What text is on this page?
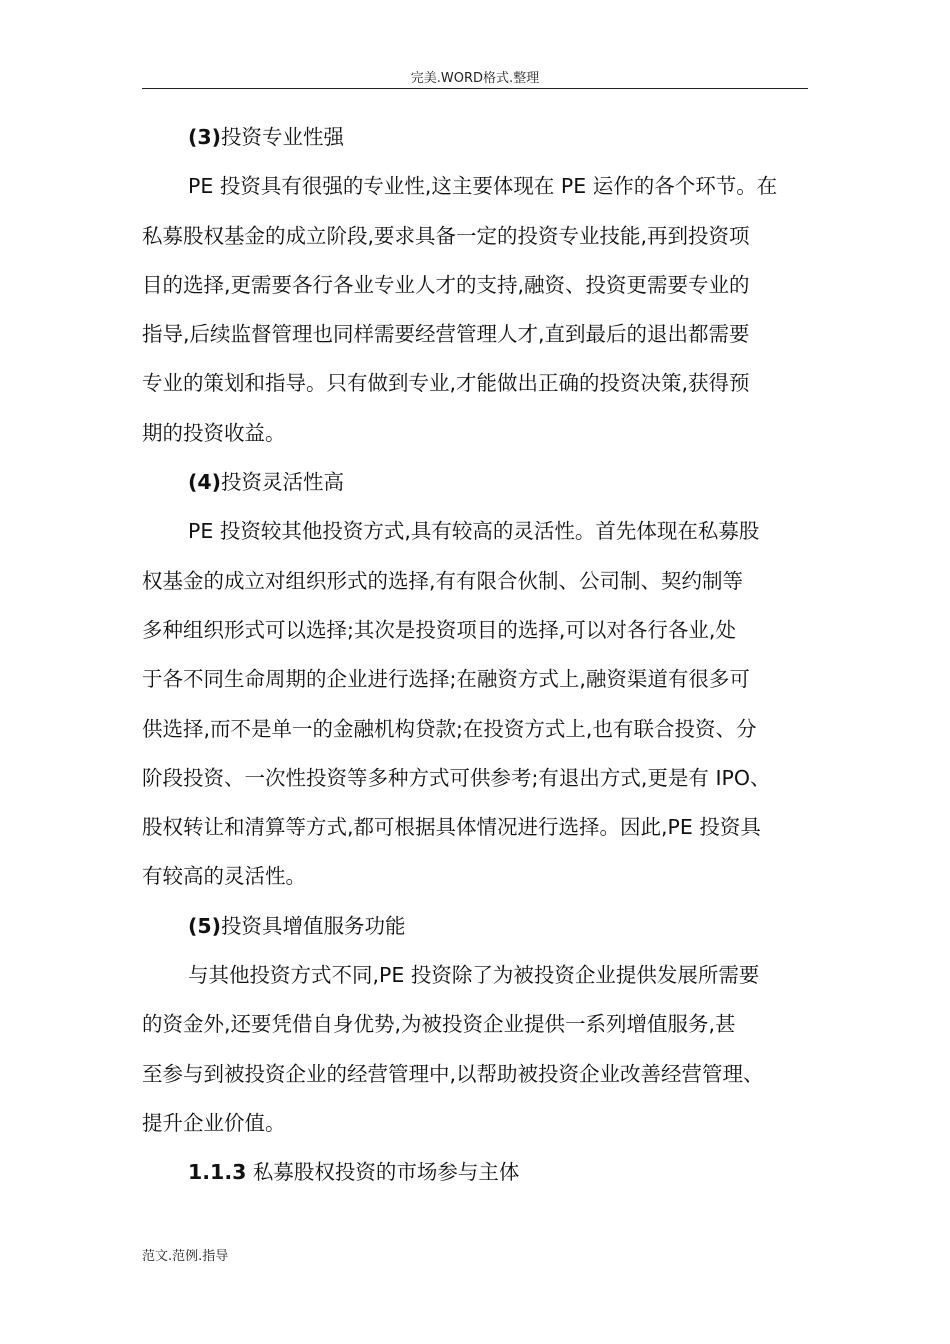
完美.WORD格式.整理
(3)投资专业性强
PE 投资具有很强的专业性,这主要体现在 PE 运作的各个环节。在
私募股权基金的成立阶段,要求具备一定的投资专业技能,再到投资项
目的选择,更需要各行各业专业人才的支持,融资、投资更需要专业的
指导,后续监督管理也同样需要经营管理人才,直到最后的退出都需要
专业的策划和指导。只有做到专业,才能做出正确的投资决策,获得预
期的投资收益。
(4)投资灵活性高
PE 投资较其他投资方式,具有较高的灵活性。首先体现在私募股
权基金的成立对组织形式的选择,有有限合伙制、公司制、契约制等
多种组织形式可以选择;其次是投资项目的选择,可以对各行各业,处
于各不同生命周期的企业进行选择;在融资方式上,融资渠道有很多可
供选择,而不是单一的金融机构贷款;在投资方式上,也有联合投资、分
阶段投资、一次性投资等多种方式可供参考;有退出方式,更是有 IPO、
股权转让和清算等方式,都可根据具体情况进行选择。因此,PE 投资具
有较高的灵活性。
(5)投资具增值服务功能
与其他投资方式不同,PE 投资除了为被投资企业提供发展所需要
的资金外,还要凭借自身优势,为被投资企业提供一系列增值服务,甚
至参与到被投资企业的经营管理中,以帮助被投资企业改善经营管理、
提升企业价值。
1.1.3 私募股权投资的市场参与主体
范文.范例.指导
